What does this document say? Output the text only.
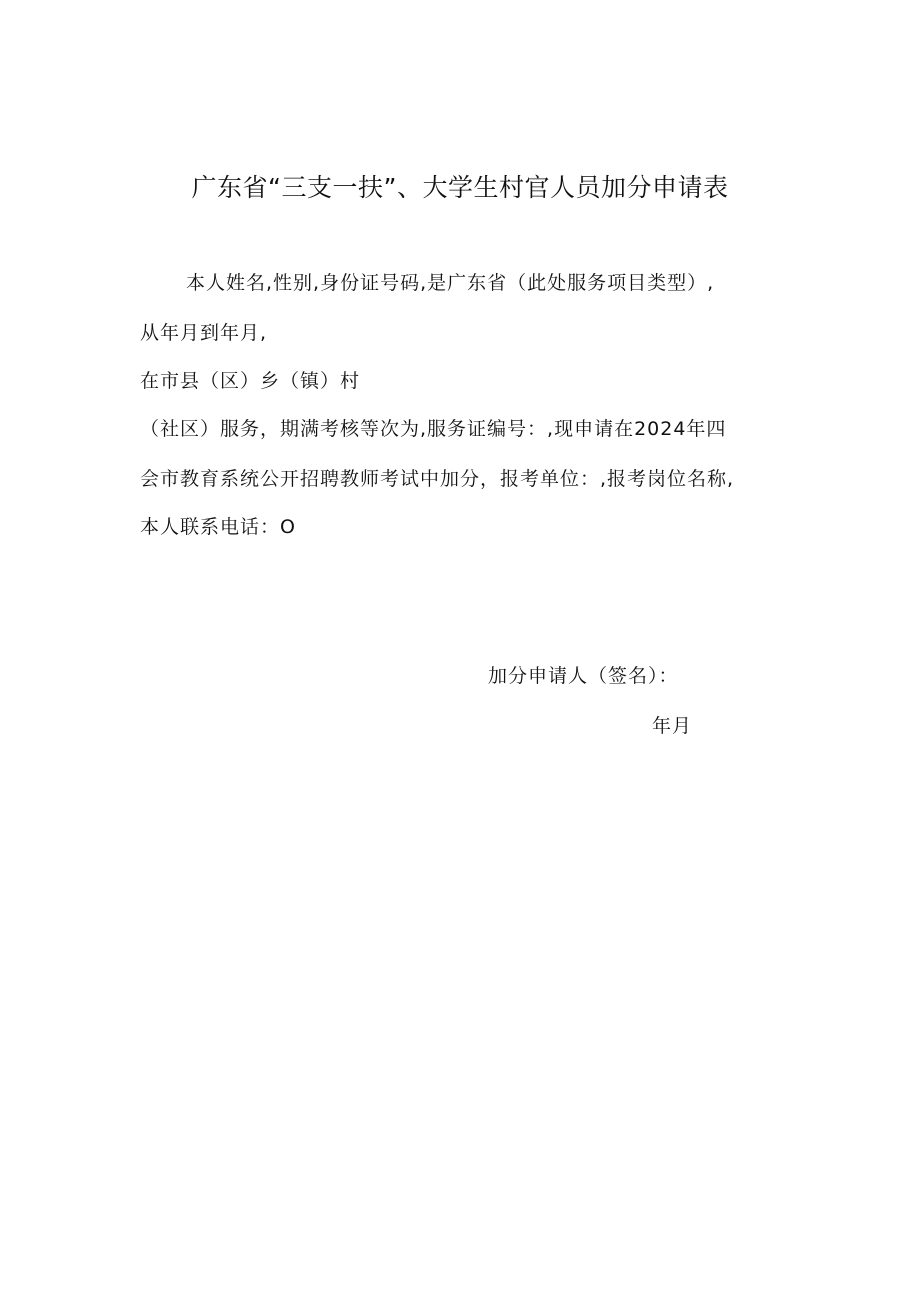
广东省“三支一扶”、大学生村官人员加分申请表

本人姓名,性别,身份证号码,是广东省（此处服务项目类型）,

从年月到年月,

在市县（区）乡（镇）村

（社区）服务，期满考核等次为,服务证编号：,现申请在2024年四

会市教育系统公开招聘教师考试中加分，报考单位：,报考岗位名称,

本人联系电话：O

加分申请人（签名）：
年月
